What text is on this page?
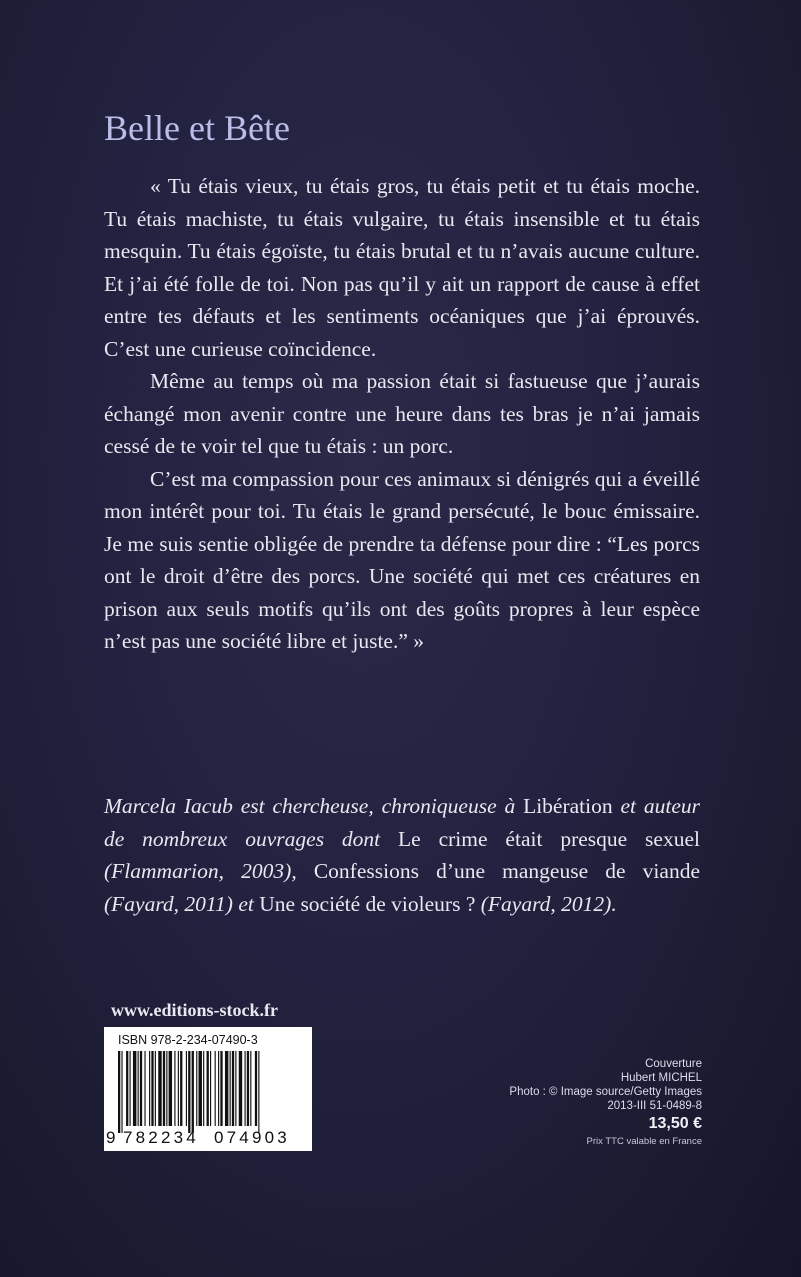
Belle et Bête

« Tu étais vieux, tu étais gros, tu étais petit et tu étais moche. Tu étais machiste, tu étais vulgaire, tu étais insensible et tu étais mesquin. Tu étais égoïste, tu étais brutal et tu n’avais aucune culture. Et j’ai été folle de toi. Non pas qu’il y ait un rapport de cause à effet entre tes défauts et les sentiments océaniques que j’ai éprouvés. C’est une curieuse coïncidence.

Même au temps où ma passion était si fastueuse que j’aurais échangé mon avenir contre une heure dans tes bras je n’ai jamais cessé de te voir tel que tu étais : un porc.

C’est ma compassion pour ces animaux si dénigrés qui a éveillé mon intérêt pour toi. Tu étais le grand persécuté, le bouc émissaire. Je me suis sentie obligée de prendre ta défense pour dire : “Les porcs ont le droit d’être des porcs. Une société qui met ces créatures en prison aux seuls motifs qu’ils ont des goûts propres à leur espèce n’est pas une société libre et juste.” »

Marcela Iacub est chercheuse, chroniqueuse à Libération et auteur de nombreux ouvrages dont Le crime était presque sexuel (Flammarion, 2003), Confessions d’une mangeuse de viande (Fayard, 2011) et Une société de violeurs ? (Fayard, 2012).

www.editions-stock.fr
ISBN 978-2-234-07490-3
9 782234 074903
Couverture
Hubert MICHEL
Photo : © Image source/Getty Images
2013-III 51-0489-8
13,50 €
Prix TTC valable en France
